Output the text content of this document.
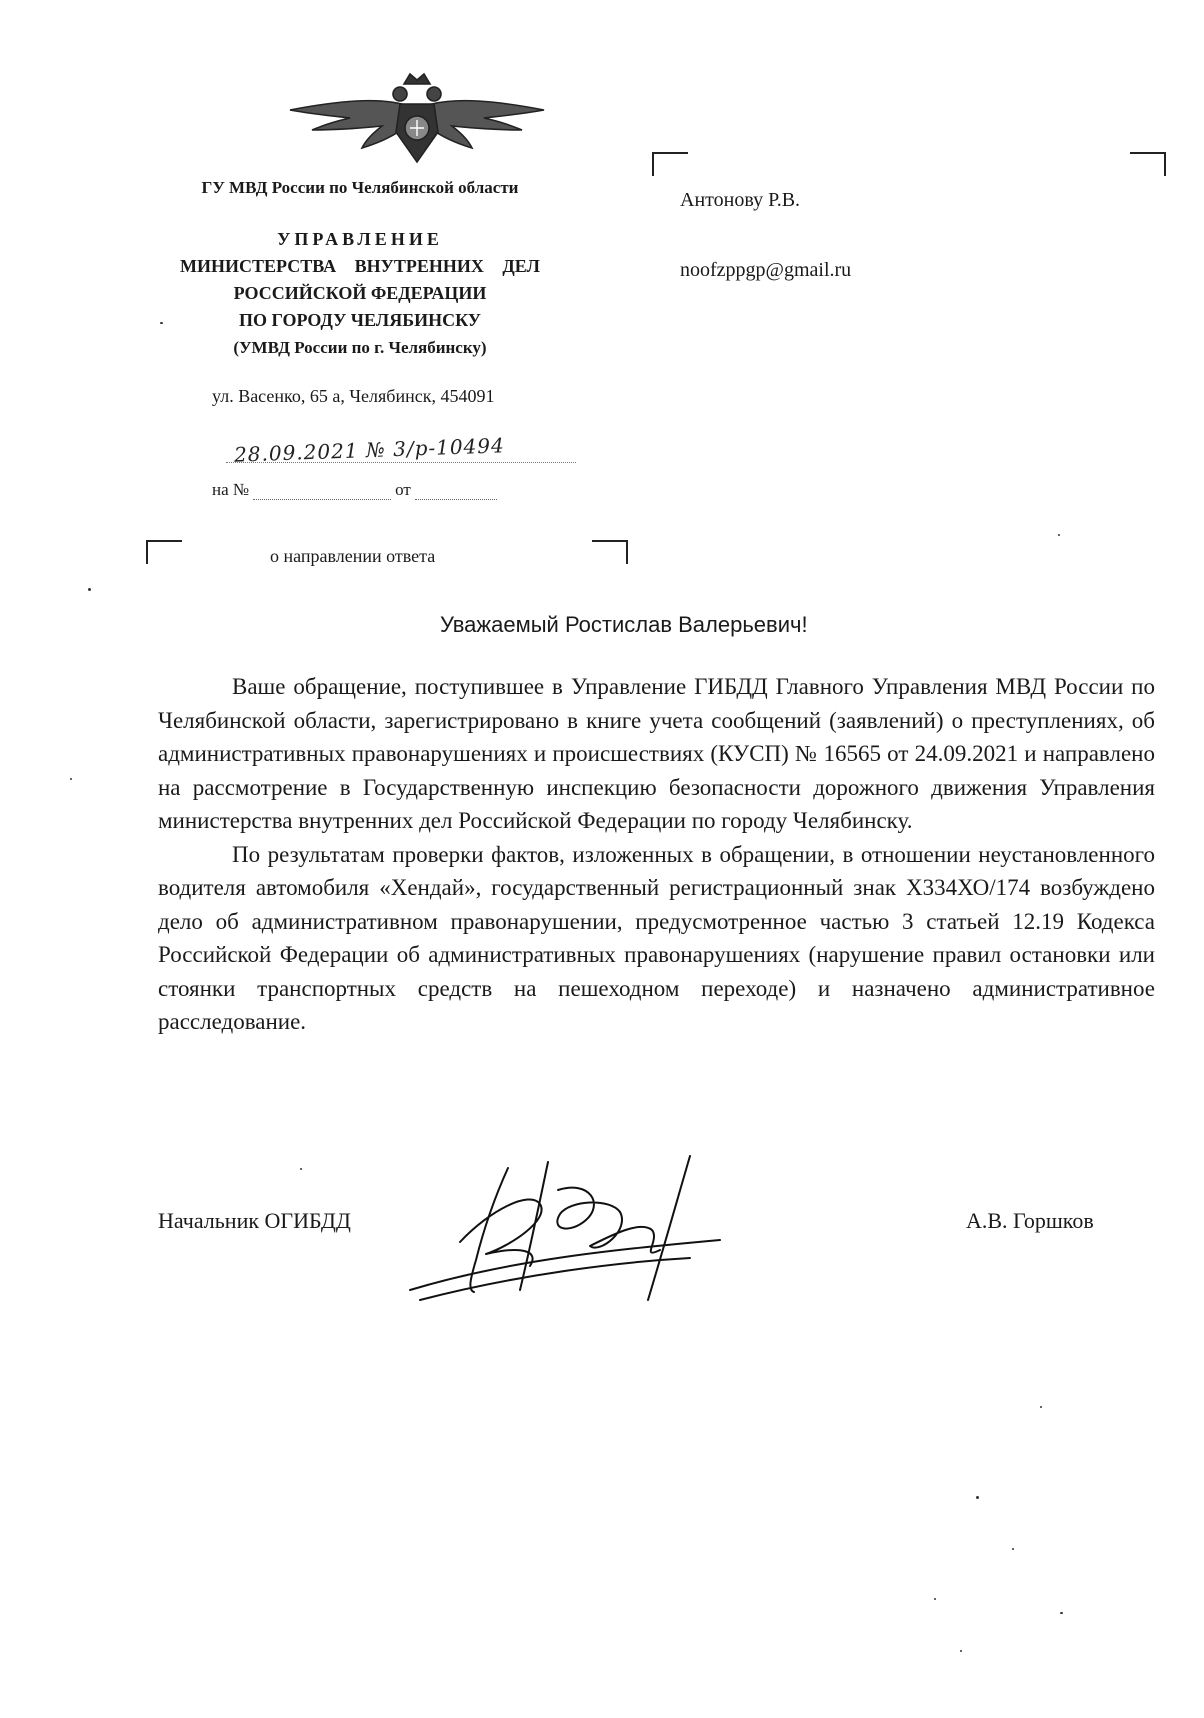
ГУ МВД России по Челябинской области
УПРАВЛЕНИЕ
МИНИСТЕРСТВА ВНУТРЕННИХ ДЕЛ
РОССИЙСКОЙ ФЕДЕРАЦИИ
ПО ГОРОДУ ЧЕЛЯБИНСКУ
(УМВД России по г. Челябинску)
ул. Васенко, 65 а, Челябинск, 454091
28.09.2021 № 3/р-10494
на №	от
о направлении ответа
Антонову Р.В.
noofzppgp@gmail.ru
Уважаемый Ростислав Валерьевич!

Ваше обращение, поступившее в Управление ГИБДД Главного Управления МВД России по Челябинской области, зарегистрировано в книге учета сообщений (заявлений) о преступлениях, об административных правонарушениях и происшествиях (КУСП) № 16565 от 24.09.2021 и направлено на рассмотрение в Государственную инспекцию безопасности дорожного движения Управления министерства внутренних дел Российской Федерации по городу Челябинску.

По результатам проверки фактов, изложенных в обращении, в отношении неустановленного водителя автомобиля «Хендай», государственный регистрационный знак Х334ХО/174 возбуждено дело об административном правонарушении, предусмотренное частью 3 статьей 12.19 Кодекса Российской Федерации об административных правонарушениях (нарушение правил остановки или стоянки транспортных средств на пешеходном переходе) и назначено административное расследование.

Начальник ОГИБДД	А.В. Горшков
